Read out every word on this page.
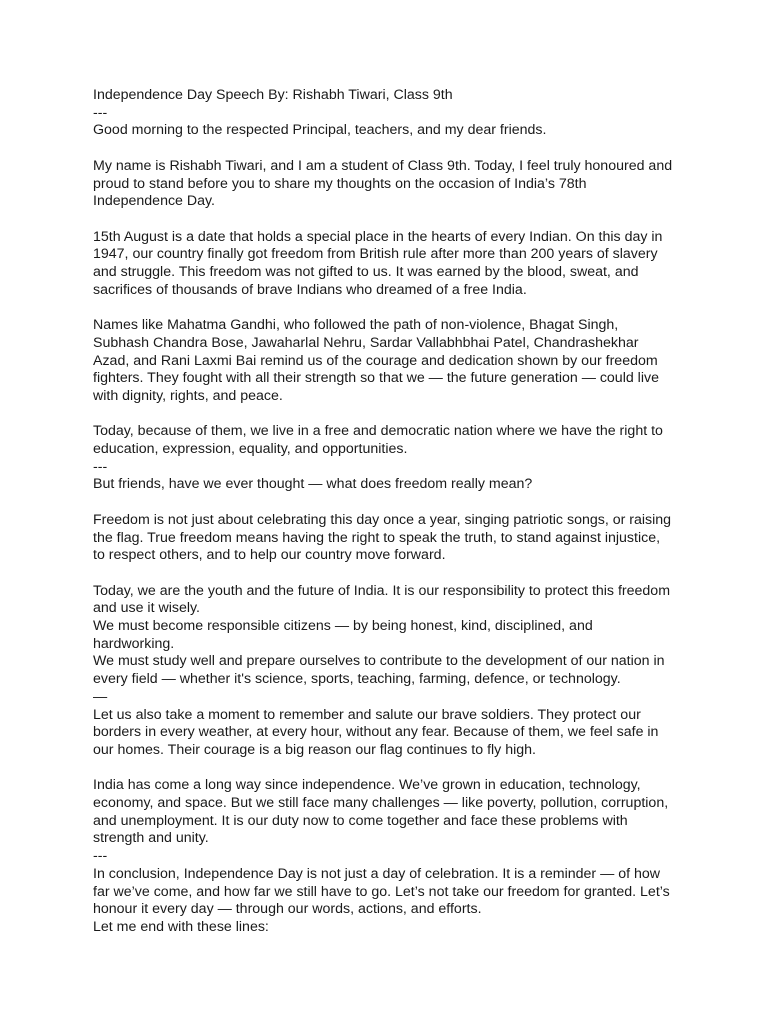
Independence Day Speech By: Rishabh Tiwari, Class 9th

---

Good morning to the respected Principal, teachers, and my dear friends.

My name is Rishabh Tiwari, and I am a student of Class 9th. Today, I feel truly honoured and
proud to stand before you to share my thoughts on the occasion of India’s 78th
Independence Day.

15th August is a date that holds a special place in the hearts of every Indian. On this day in
1947, our country finally got freedom from British rule after more than 200 years of slavery
and struggle. This freedom was not gifted to us. It was earned by the blood, sweat, and
sacrifices of thousands of brave Indians who dreamed of a free India.

Names like Mahatma Gandhi, who followed the path of non-violence, Bhagat Singh,
Subhash Chandra Bose, Jawaharlal Nehru, Sardar Vallabhbhai Patel, Chandrashekhar
Azad, and Rani Laxmi Bai remind us of the courage and dedication shown by our freedom
fighters. They fought with all their strength so that we — the future generation — could live
with dignity, rights, and peace.

Today, because of them, we live in a free and democratic nation where we have the right to
education, expression, equality, and opportunities.

---

But friends, have we ever thought — what does freedom really mean?

Freedom is not just about celebrating this day once a year, singing patriotic songs, or raising
the flag. True freedom means having the right to speak the truth, to stand against injustice,
to respect others, and to help our country move forward.

Today, we are the youth and the future of India. It is our responsibility to protect this freedom
and use it wisely.

We must become responsible citizens — by being honest, kind, disciplined, and
hardworking.

We must study well and prepare ourselves to contribute to the development of our nation in
every field — whether it's science, sports, teaching, farming, defence, or technology.

—

Let us also take a moment to remember and salute our brave soldiers. They protect our
borders in every weather, at every hour, without any fear. Because of them, we feel safe in
our homes. Their courage is a big reason our flag continues to fly high.

India has come a long way since independence. We’ve grown in education, technology,
economy, and space. But we still face many challenges — like poverty, pollution, corruption,
and unemployment. It is our duty now to come together and face these problems with
strength and unity.

---

In conclusion, Independence Day is not just a day of celebration. It is a reminder — of how
far we’ve come, and how far we still have to go. Let’s not take our freedom for granted. Let’s
honour it every day — through our words, actions, and efforts.

Let me end with these lines:
